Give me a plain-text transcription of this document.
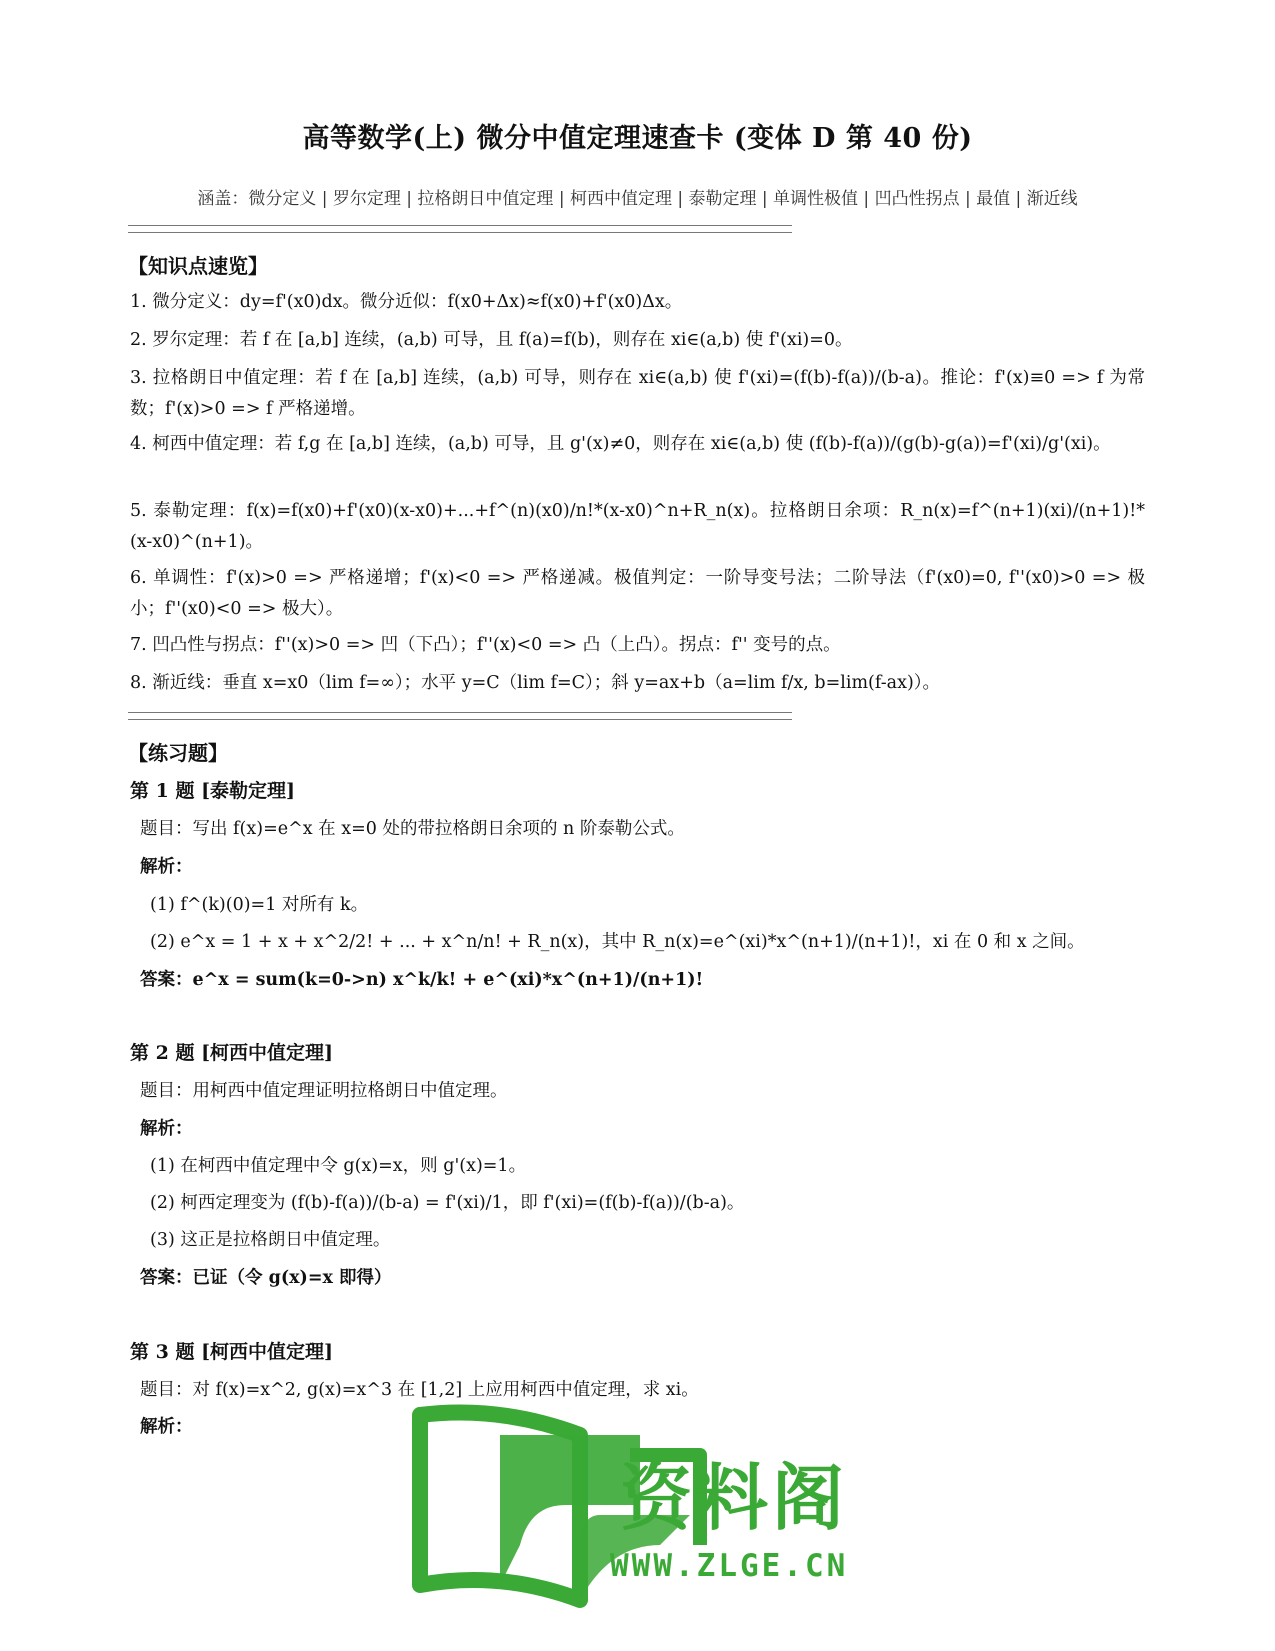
高等数学(上) 微分中值定理速查卡 (变体 D 第 40 份)
涵盖：微分定义 | 罗尔定理 | 拉格朗日中值定理 | 柯西中值定理 | 泰勒定理 | 单调性极值 | 凹凸性拐点 | 最值 | 渐近线
【知识点速览】
1. 微分定义：dy=f'(x0)dx。微分近似：f(x0+Δx)≈f(x0)+f'(x0)Δx。
2. 罗尔定理：若 f 在 [a,b] 连续，(a,b) 可导，且 f(a)=f(b)，则存在 xi∈(a,b) 使 f'(xi)=0。
3. 拉格朗日中值定理：若 f 在 [a,b] 连续，(a,b) 可导，则存在 xi∈(a,b) 使 f'(xi)=(f(b)-f(a))/(b-a)。推论：f'(x)≡0 => f 为常数；f'(x)>0 => f 严格递增。
4. 柯西中值定理：若 f,g 在 [a,b] 连续，(a,b) 可导，且 g'(x)≠0，则存在 xi∈(a,b) 使 (f(b)-f(a))/(g(b)-g(a))=f'(xi)/g'(xi)。
5. 泰勒定理：f(x)=f(x0)+f'(x0)(x-x0)+...+f^(n)(x0)/n!*(x-x0)^n+R_n(x)。拉格朗日余项：R_n(x)=f^(n+1)(xi)/(n+1)!*(x-x0)^(n+1)。
6. 单调性：f'(x)>0 => 严格递增；f'(x)<0 => 严格递减。极值判定：一阶导变号法；二阶导法（f'(x0)=0, f''(x0)>0 => 极小；f''(x0)<0 => 极大）。
7. 凹凸性与拐点：f''(x)>0 => 凹（下凸）；f''(x)<0 => 凸（上凸）。拐点：f'' 变号的点。
8. 渐近线：垂直 x=x0（lim f=∞）；水平 y=C（lim f=C）；斜 y=ax+b（a=lim f/x, b=lim(f-ax)）。
【练习题】
第 1 题 [泰勒定理]
题目：写出 f(x)=e^x 在 x=0 处的带拉格朗日余项的 n 阶泰勒公式。
解析：
(1) f^(k)(0)=1 对所有 k。
(2) e^x = 1 + x + x^2/2! + ... + x^n/n! + R_n(x)，其中 R_n(x)=e^(xi)*x^(n+1)/(n+1)!，xi 在 0 和 x 之间。
答案：e^x = sum(k=0->n) x^k/k! + e^(xi)*x^(n+1)/(n+1)!
第 2 题 [柯西中值定理]
题目：用柯西中值定理证明拉格朗日中值定理。
解析：
(1) 在柯西中值定理中令 g(x)=x，则 g'(x)=1。
(2) 柯西定理变为 (f(b)-f(a))/(b-a) = f'(xi)/1，即 f'(xi)=(f(b)-f(a))/(b-a)。
(3) 这正是拉格朗日中值定理。
答案：已证（令 g(x)=x 即得）
第 3 题 [柯西中值定理]
题目：对 f(x)=x^2, g(x)=x^3 在 [1,2] 上应用柯西中值定理，求 xi。
解析：
资料阁
WWW.ZLGE.CN
